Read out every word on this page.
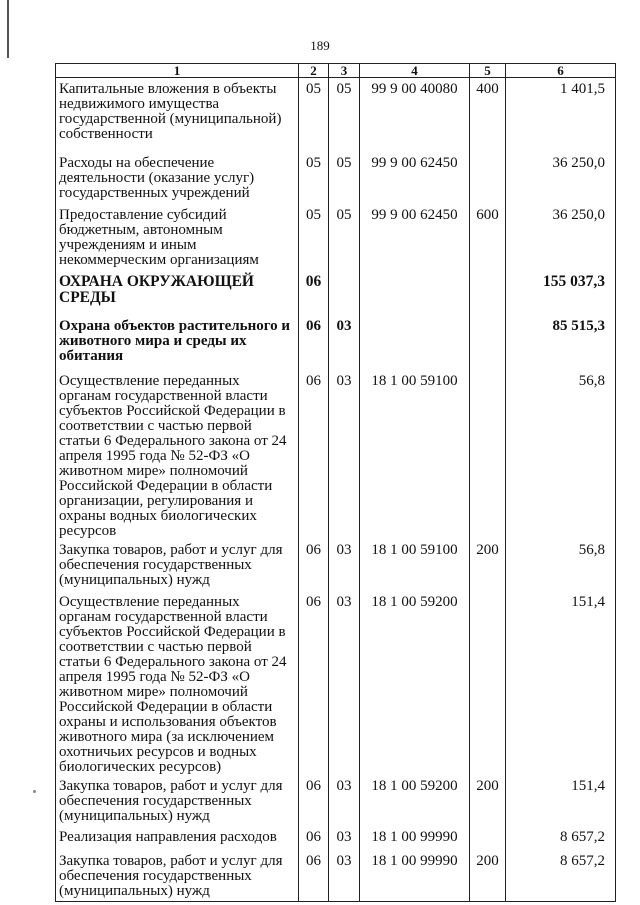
189
1	2	3	4	5	6
Капитальные вложения в объекты недвижимого имущества государственной (муниципальной) собственности	05	05	99 9 00 40080	400	1 401,5
Расходы на обеспечение деятельности (оказание услуг) государственных учреждений	05	05	99 9 00 62450		36 250,0
Предоставление субсидий бюджетным, автономным учреждениям и иным некоммерческим организациям	05	05	99 9 00 62450	600	36 250,0
ОХРАНА ОКРУЖАЮЩЕЙ СРЕДЫ	06				155 037,3
Охрана объектов растительного и животного мира и среды их обитания	06	03			85 515,3
Осуществление переданных органам государственной власти субъектов Российской Федерации в соответствии с частью первой статьи 6 Федерального закона от 24 апреля 1995 года № 52-ФЗ «О животном мире» полномочий Российской Федерации в области организации, регулирования и охраны водных биологических ресурсов	06	03	18 1 00 59100		56,8
Закупка товаров, работ и услуг для обеспечения государственных (муниципальных) нужд	06	03	18 1 00 59100	200	56,8
Осуществление переданных органам государственной власти субъектов Российской Федерации в соответствии с частью первой статьи 6 Федерального закона от 24 апреля 1995 года № 52-ФЗ «О животном мире» полномочий Российской Федерации в области охраны и использования объектов животного мира (за исключением охотничьих ресурсов и водных биологических ресурсов)	06	03	18 1 00 59200		151,4
Закупка товаров, работ и услуг для обеспечения государственных (муниципальных) нужд	06	03	18 1 00 59200	200	151,4
Реализация направления расходов	06	03	18 1 00 99990		8 657,2
Закупка товаров, работ и услуг для обеспечения государственных (муниципальных) нужд	06	03	18 1 00 99990	200	8 657,2
